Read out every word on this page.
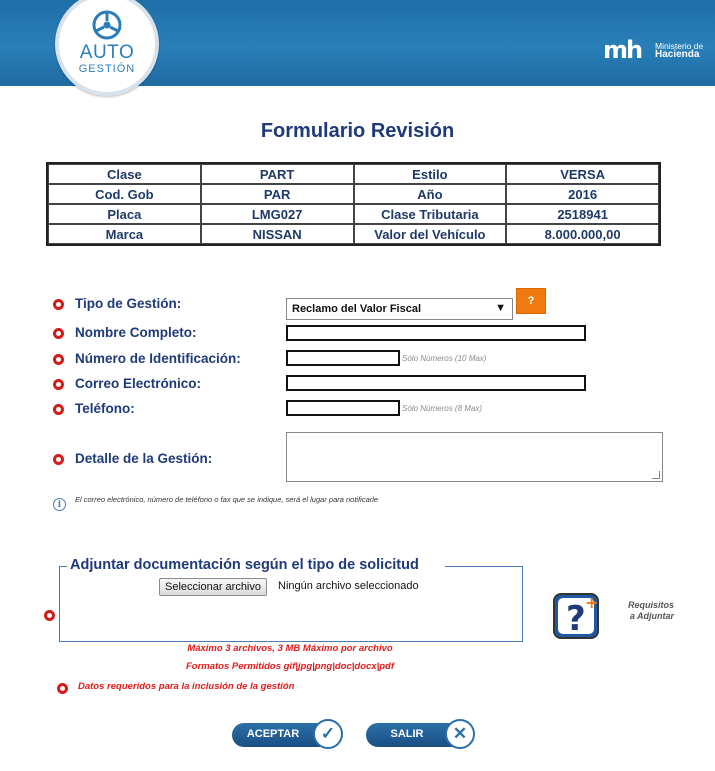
AUTO
GESTIÓN
mh Ministerio de
Hacienda
Formulario Revisión
Clase	PART	Estilo	VERSA
Cod. Gob	PAR	Año	2016
Placa	LMG027	Clase Tributaria	2518941
Marca	NISSAN	Valor del Vehículo	8.000.000,00
Tipo de Gestión:	Reclamo del Valor Fiscal	▼
?
Nombre Completo:
Número de Identificación:	Sólo Números (10 Max)
Correo Electrónico:
Teléfono:	Sólo Números (8 Max)
Detalle de la Gestión:
i
El correo electrónico, número de teléfono o fax que se indique, será el lugar para notificarle
Adjuntar documentación según el tipo de solicitud
Seleccionar archivo	Ningún archivo seleccionado
? +	Requisitos
a Adjuntar
Máximo 3 archivos, 3 MB Máximo por archivo
Formatos Permitidos gif|jpg|png|doc|docx|pdf
Datos requeridos para la inclusión de la gestión
ACEPTAR	✓	SALIR	✕
